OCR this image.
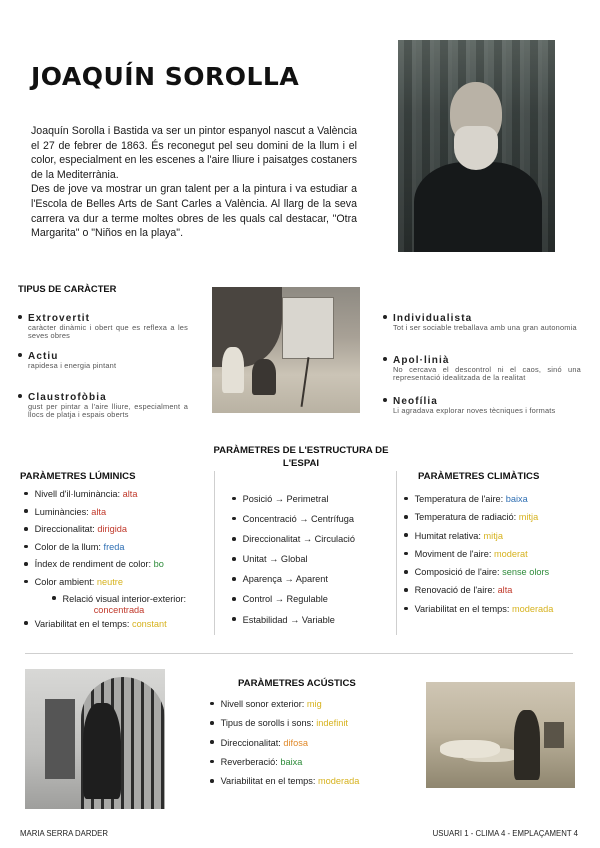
JOAQUÍN SOROLLA

Joaquín Sorolla i Bastida va ser un pintor espanyol nascut a València el 27 de febrer de 1863. És reconegut pel seu domini de la llum i el color, especialment en les escenes a l'aire lliure i paisatges costaners de la Mediterrània.

Des de jove va mostrar un gran talent per a la pintura i va estudiar a l'Escola de Belles Arts de Sant Carles a València. Al llarg de la seva carrera va dur a terme moltes obres de les quals cal destacar, "Otra Margarita" o "Niños en la playa".

TIPUS DE CARÀCTER
Extrovertit
caràcter dinàmic i obert que es reflexa a les seves obres
Actiu
rapidesa i energia pintant
Claustrofòbia
gust per pintar a l'aire lliure, especialment a llocs de platja i espais oberts
Individualista
Tot i ser sociable treballava amb una gran autonomia
Apol·linià
No cercava el descontrol ni el caos, sinó una representació idealitzada de la realitat
Neofília
Li agradava explorar noves tècniques i formats
PARÀMETRES LÚMINICS
PARÀMETRES DE L'ESTRUCTURA DE L'ESPAI
PARÀMETRES CLIMÀTICS
Nivell d'il·luminància: alta
Luminàncies: alta
Direccionalitat: dirigida
Color de la llum: freda
Índex de rendiment de color: bo
Color ambient: neutre
Relació visual interior-exterior:
concentrada
Variabilitat en el temps: constant
Posició → Perimetral
Concentració → Centrífuga
Direccionalitat → Circulació
Unitat → Global
Aparença → Aparent
Control → Regulable
Estabilidad → Variable
Temperatura de l'aire: baixa
Temperatura de radiació: mitja
Humitat relativa: mitja
Moviment de l'aire: moderat
Composició de l'aire: sense olors
Renovació de l'aire: alta
Variabilitat en el temps: moderada
PARÀMETRES ACÚSTICS
Nivell sonor exterior: mig
Tipus de sorolls i sons: indefinit
Direccionalitat: difosa
Reverberació: baixa
Variabilitat en el temps: moderada
MARIA SERRA DARDER	USUARI 1 - CLIMA 4 - EMPLAÇAMENT 4
